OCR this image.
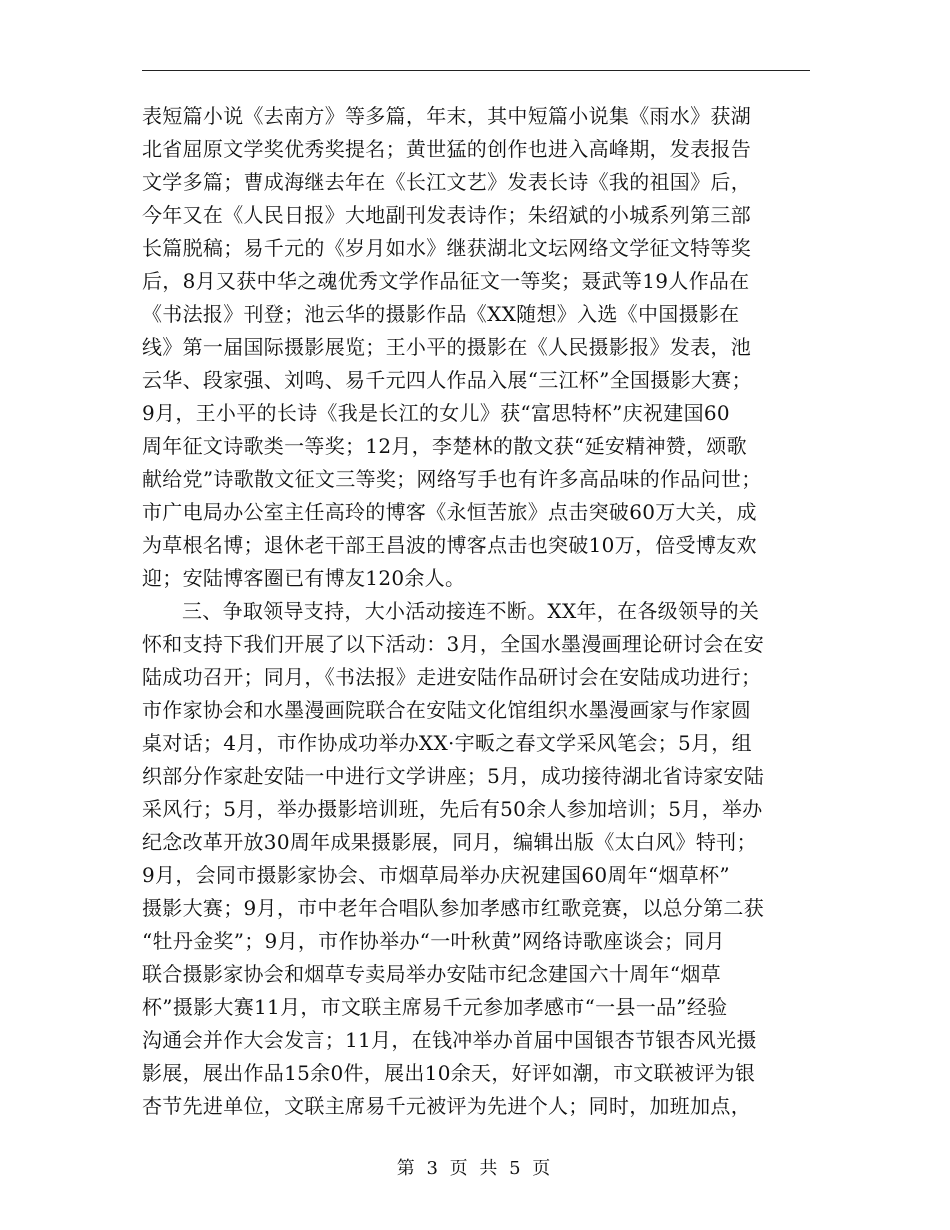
表短篇小说《去南方》等多篇，年末，其中短篇小说集《雨水》获湖
北省屈原文学奖优秀奖提名；黄世猛的创作也进入高峰期，发表报告
文学多篇；曹成海继去年在《长江文艺》发表长诗《我的祖国》后，
今年又在《人民日报》大地副刊发表诗作；朱绍斌的小城系列第三部
长篇脱稿；易千元的《岁月如水》继获湖北文坛网络文学征文特等奖
后，8月又获中华之魂优秀文学作品征文一等奖；聂武等19人作品在
《书法报》刊登；池云华的摄影作品《XX随想》入选《中国摄影在
线》第一届国际摄影展览；王小平的摄影在《人民摄影报》发表，池
云华、段家强、刘鸣、易千元四人作品入展“三江杯”全国摄影大赛；
9月，王小平的长诗《我是长江的女儿》获“富思特杯”庆祝建国60
周年征文诗歌类一等奖；12月，李楚林的散文获“延安精神赞，颂歌
献给党”诗歌散文征文三等奖；网络写手也有许多高品味的作品问世；
市广电局办公室主任高玲的博客《永恒苦旅》点击突破60万大关，成
为草根名博；退休老干部王昌波的博客点击也突破10万，倍受博友欢
迎；安陆博客圈已有博友120余人。
三、争取领导支持，大小活动接连不断。XX年，在各级领导的关
怀和支持下我们开展了以下活动：3月，全国水墨漫画理论研讨会在安
陆成功召开；同月，《书法报》走进安陆作品研讨会在安陆成功进行；
市作家协会和水墨漫画院联合在安陆文化馆组织水墨漫画家与作家圆
桌对话；4月，市作协成功举办XX·宇畈之春文学采风笔会；5月，组
织部分作家赴安陆一中进行文学讲座；5月，成功接待湖北省诗家安陆
采风行；5月，举办摄影培训班，先后有50余人参加培训；5月，举办
纪念改革开放30周年成果摄影展，同月，编辑出版《太白风》特刊；
9月，会同市摄影家协会、市烟草局举办庆祝建国60周年“烟草杯”
摄影大赛；9月，市中老年合唱队参加孝感市红歌竞赛，以总分第二获
“牡丹金奖”；9月，市作协举办“一叶秋黄”网络诗歌座谈会；同月
联合摄影家协会和烟草专卖局举办安陆市纪念建国六十周年“烟草
杯”摄影大赛11月，市文联主席易千元参加孝感市“一县一品”经验
沟通会并作大会发言；11月，在钱冲举办首届中国银杏节银杏风光摄
影展，展出作品15余0件，展出10余天，好评如潮，市文联被评为银
杏节先进单位，文联主席易千元被评为先进个人；同时，加班加点，
第 3 页 共 5 页
